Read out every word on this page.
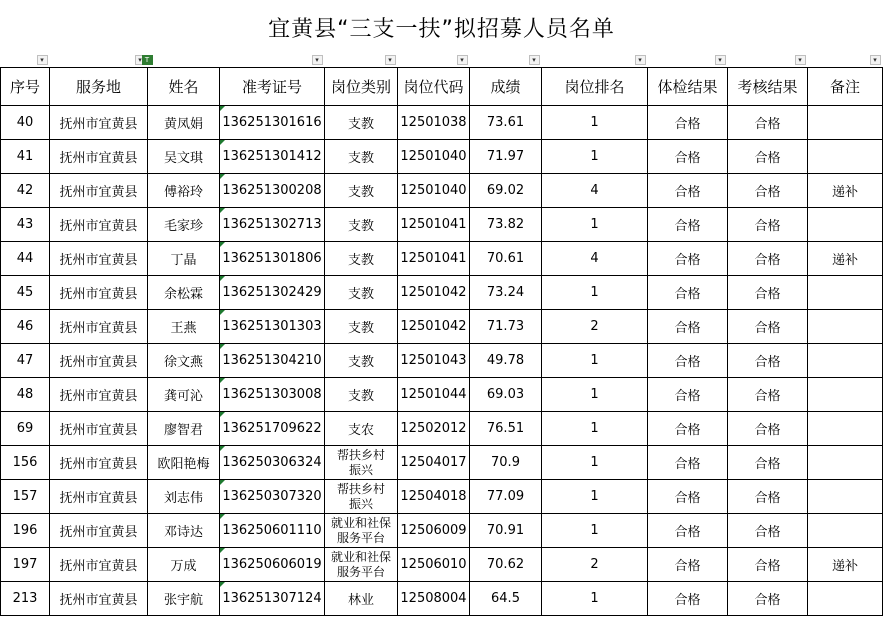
宜黄县“三支一扶”拟招募人员名单
▾	▾	T	▾	▾	▾	▾	▾	▾	▾	▾

序号	服务地	姓名	准考证号	岗位类别	岗位代码	成绩	岗位排名	体检结果	考核结果	备注
40	抚州市宜黄县	黄凤娟	136251301616	支教	12501038	73.61	1	合格	合格	
41	抚州市宜黄县	吴文琪	136251301412	支教	12501040	71.97	1	合格	合格	
42	抚州市宜黄县	傅裕玲	136251300208	支教	12501040	69.02	4	合格	合格	递补
43	抚州市宜黄县	毛家珍	136251302713	支教	12501041	73.82	1	合格	合格	
44	抚州市宜黄县	丁晶	136251301806	支教	12501041	70.61	4	合格	合格	递补
45	抚州市宜黄县	余松霖	136251302429	支教	12501042	73.24	1	合格	合格	
46	抚州市宜黄县	王燕	136251301303	支教	12501042	71.73	2	合格	合格	
47	抚州市宜黄县	徐文燕	136251304210	支教	12501043	49.78	1	合格	合格	
48	抚州市宜黄县	龚可沁	136251303008	支教	12501044	69.03	1	合格	合格	
69	抚州市宜黄县	廖智君	136251709622	支农	12502012	76.51	1	合格	合格	
156	抚州市宜黄县	欧阳艳梅	136250306324	帮扶乡村
振兴	12504017	70.9	1	合格	合格	
157	抚州市宜黄县	刘志伟	136250307320	帮扶乡村
振兴	12504018	77.09	1	合格	合格	
196	抚州市宜黄县	邓诗达	136250601110	就业和社保
服务平台	12506009	70.91	1	合格	合格	
197	抚州市宜黄县	万成	136250606019	就业和社保
服务平台	12506010	70.62	2	合格	合格	递补
213	抚州市宜黄县	张宇航	136251307124	林业	12508004	64.5	1	合格	合格	
